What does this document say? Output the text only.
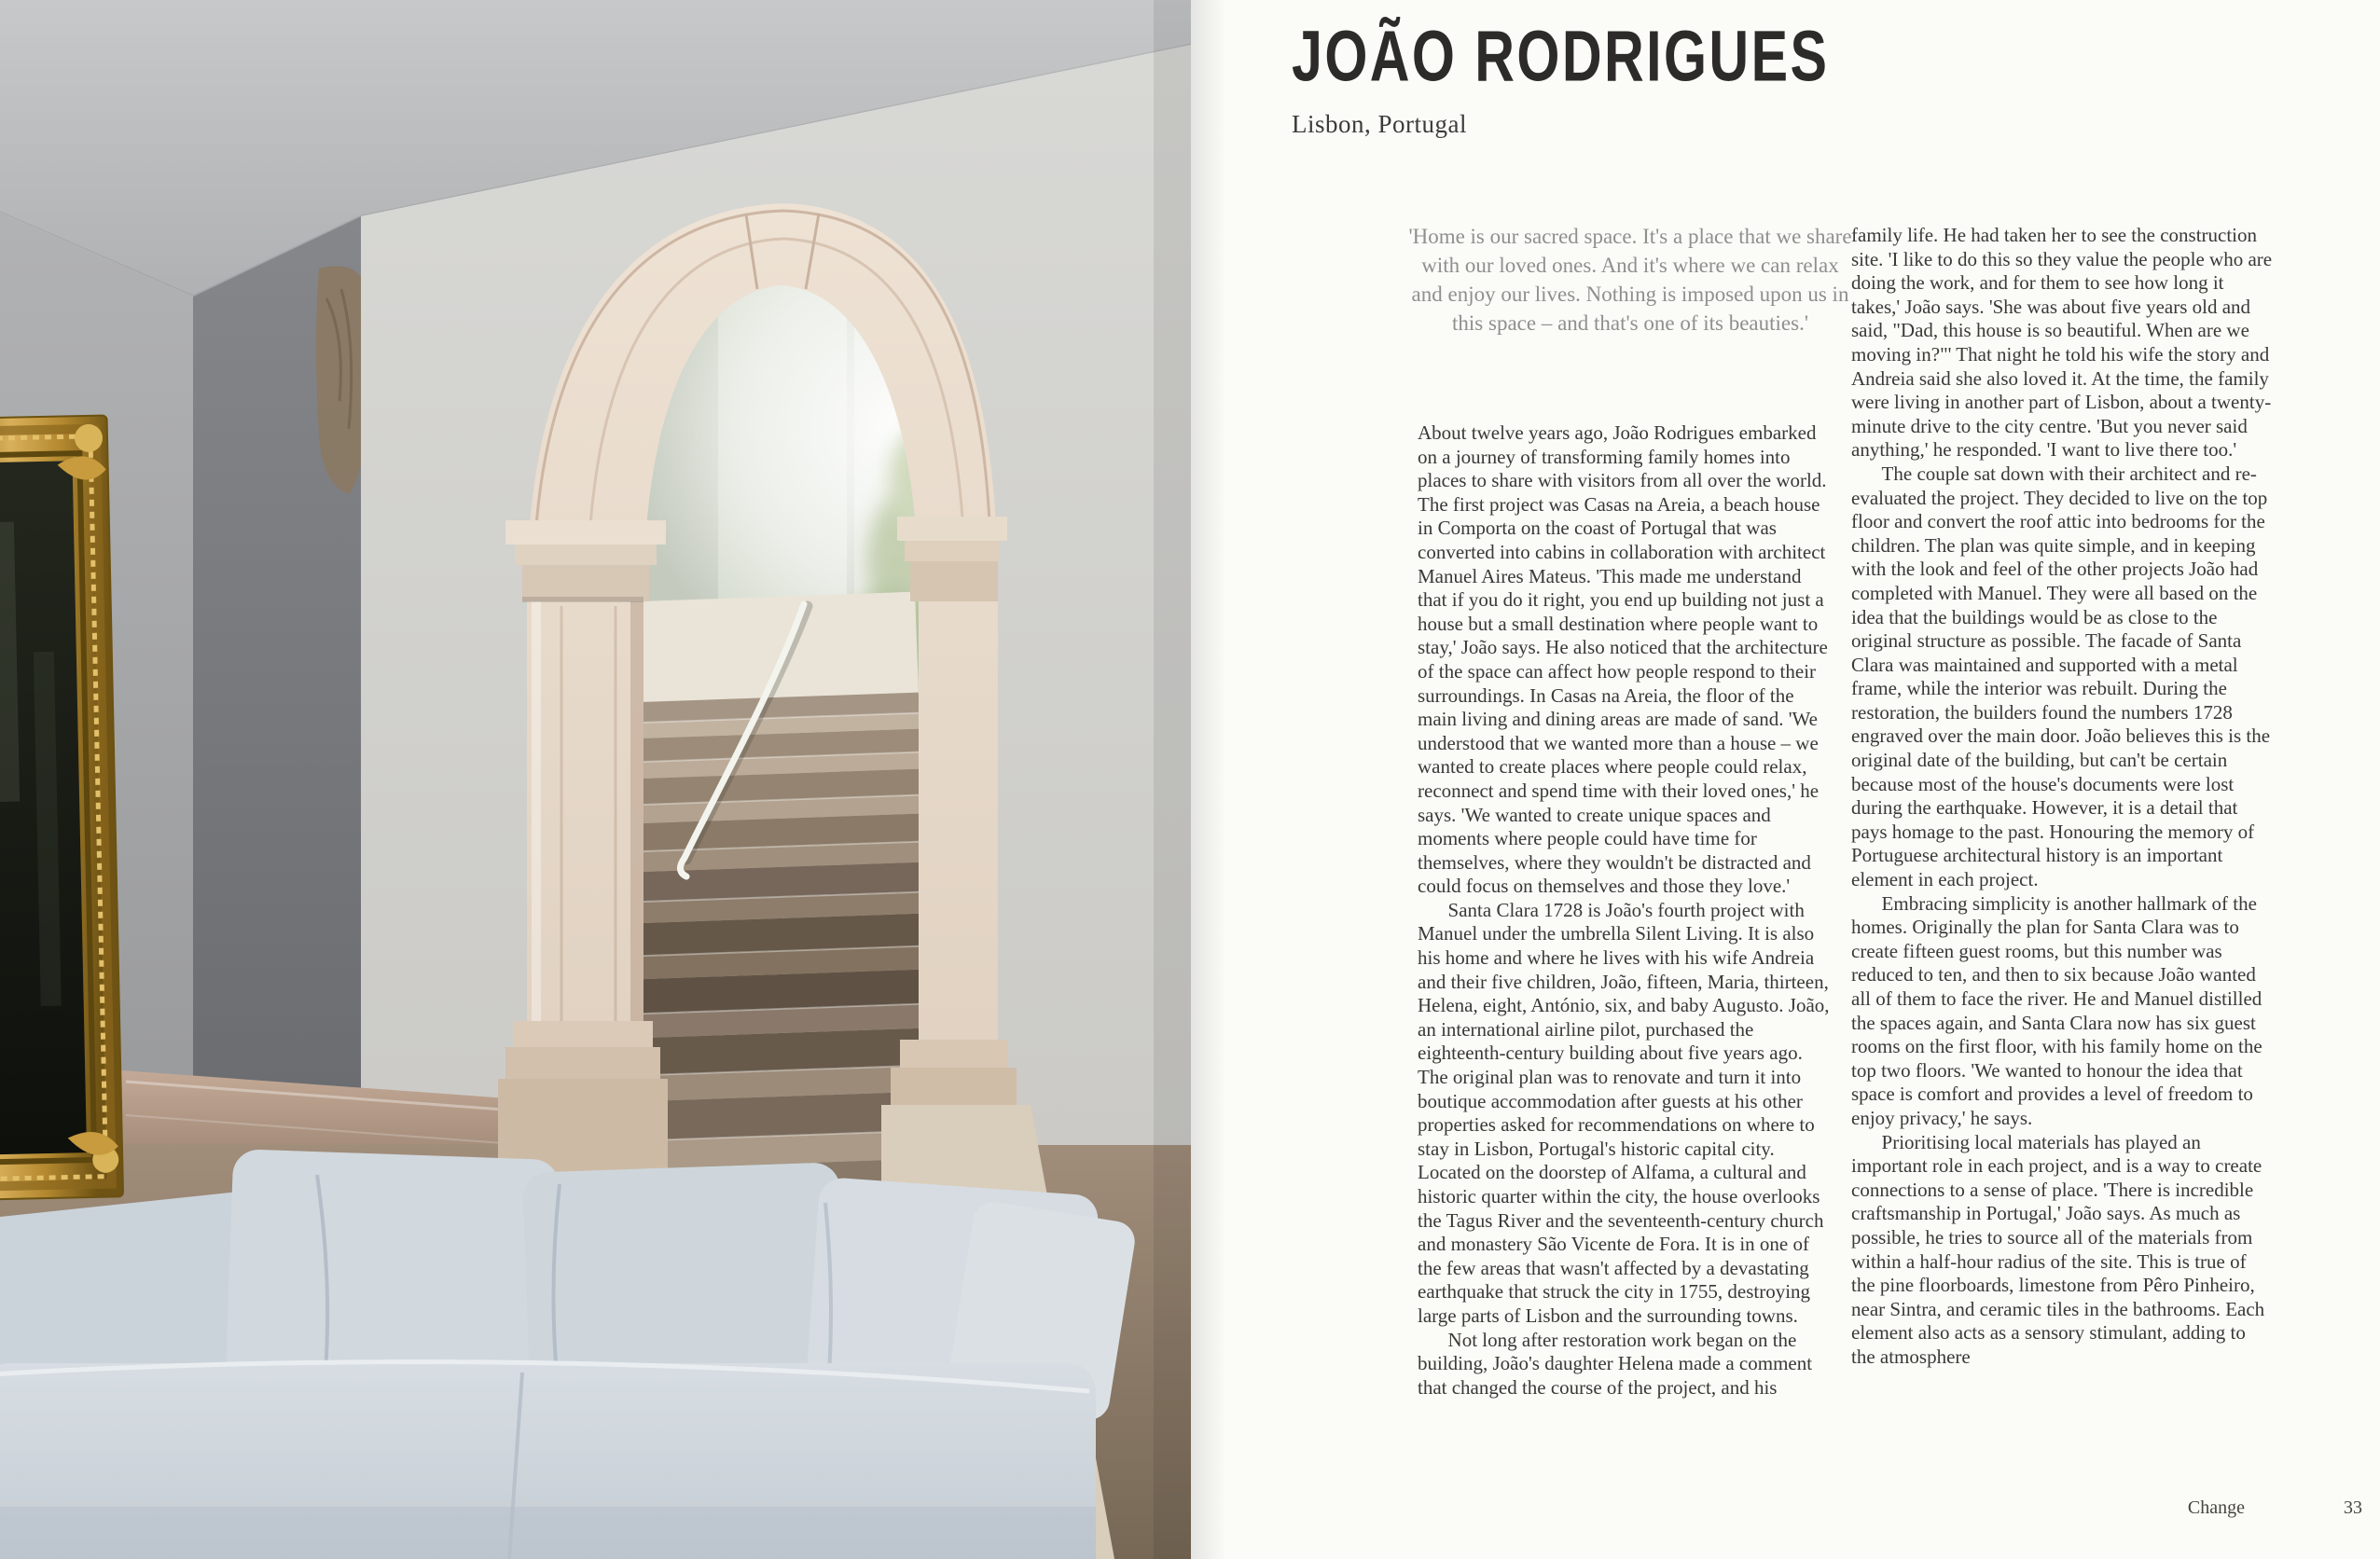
JOÃO RODRIGUES

Lisbon, Portugal

'Home is our sacred space. It's a place that we share with our loved ones. And it's where we can relax and enjoy our lives. Nothing is imposed upon us in this space – and that's one of its beauties.'

About twelve years ago, João Rodrigues embarked on a journey of transforming family homes into places to share with visitors from all over the world. The first project was Casas na Areia, a beach house in Comporta on the coast of Portugal that was converted into cabins in collaboration with architect Manuel Aires Mateus. 'This made me understand that if you do it right, you end up building not just a house but a small destination where people want to stay,' João says. He also noticed that the architecture of the space can affect how people respond to their surroundings. In Casas na Areia, the floor of the main living and dining areas are made of sand. 'We understood that we wanted more than a house – we wanted to create places where people could relax, reconnect and spend time with their loved ones,' he says. 'We wanted to create unique spaces and moments where people could have time for themselves, where they wouldn't be distracted and could focus on themselves and those they love.'

Santa Clara 1728 is João's fourth project with Manuel under the umbrella Silent Living. It is also his home and where he lives with his wife Andreia and their five children, João, fifteen, Maria, thirteen, Helena, eight, António, six, and baby Augusto. João, an international airline pilot, purchased the eighteenth-century building about five years ago. The original plan was to renovate and turn it into boutique accommodation after guests at his other properties asked for recommendations on where to stay in Lisbon, Portugal's historic capital city. Located on the doorstep of Alfama, a cultural and historic quarter within the city, the house overlooks the Tagus River and the seventeenth-century church and monastery São Vicente de Fora. It is in one of the few areas that wasn't affected by a devastating earthquake that struck the city in 1755, destroying large parts of Lisbon and the surrounding towns.

Not long after restoration work began on the building, João's daughter Helena made a comment that changed the course of the project, and his

family life. He had taken her to see the construction site. 'I like to do this so they value the people who are doing the work, and for them to see how long it takes,' João says. 'She was about five years old and said, "Dad, this house is so beautiful. When are we moving in?"' That night he told his wife the story and Andreia said she also loved it. At the time, the family were living in another part of Lisbon, about a twenty-minute drive to the city centre. 'But you never said anything,' he responded. 'I want to live there too.'

The couple sat down with their architect and re-evaluated the project. They decided to live on the top floor and convert the roof attic into bedrooms for the children. The plan was quite simple, and in keeping with the look and feel of the other projects João had completed with Manuel. They were all based on the idea that the buildings would be as close to the original structure as possible. The facade of Santa Clara was maintained and supported with a metal frame, while the interior was rebuilt. During the restoration, the builders found the numbers 1728 engraved over the main door. João believes this is the original date of the building, but can't be certain because most of the house's documents were lost during the earthquake. However, it is a detail that pays homage to the past. Honouring the memory of Portuguese architectural history is an important element in each project.

Embracing simplicity is another hallmark of the homes. Originally the plan for Santa Clara was to create fifteen guest rooms, but this number was reduced to ten, and then to six because João wanted all of them to face the river. He and Manuel distilled the spaces again, and Santa Clara now has six guest rooms on the first floor, with his family home on the top two floors. 'We wanted to honour the idea that space is comfort and provides a level of freedom to enjoy privacy,' he says.

Prioritising local materials has played an important role in each project, and is a way to create connections to a sense of place. 'There is incredible craftsmanship in Portugal,' João says. As much as possible, he tries to source all of the materials from within a half-hour radius of the site. This is true of the pine floorboards, limestone from Pêro Pinheiro, near Sintra, and ceramic tiles in the bathrooms. Each element also acts as a sensory stimulant, adding to the atmosphere

Change	33
